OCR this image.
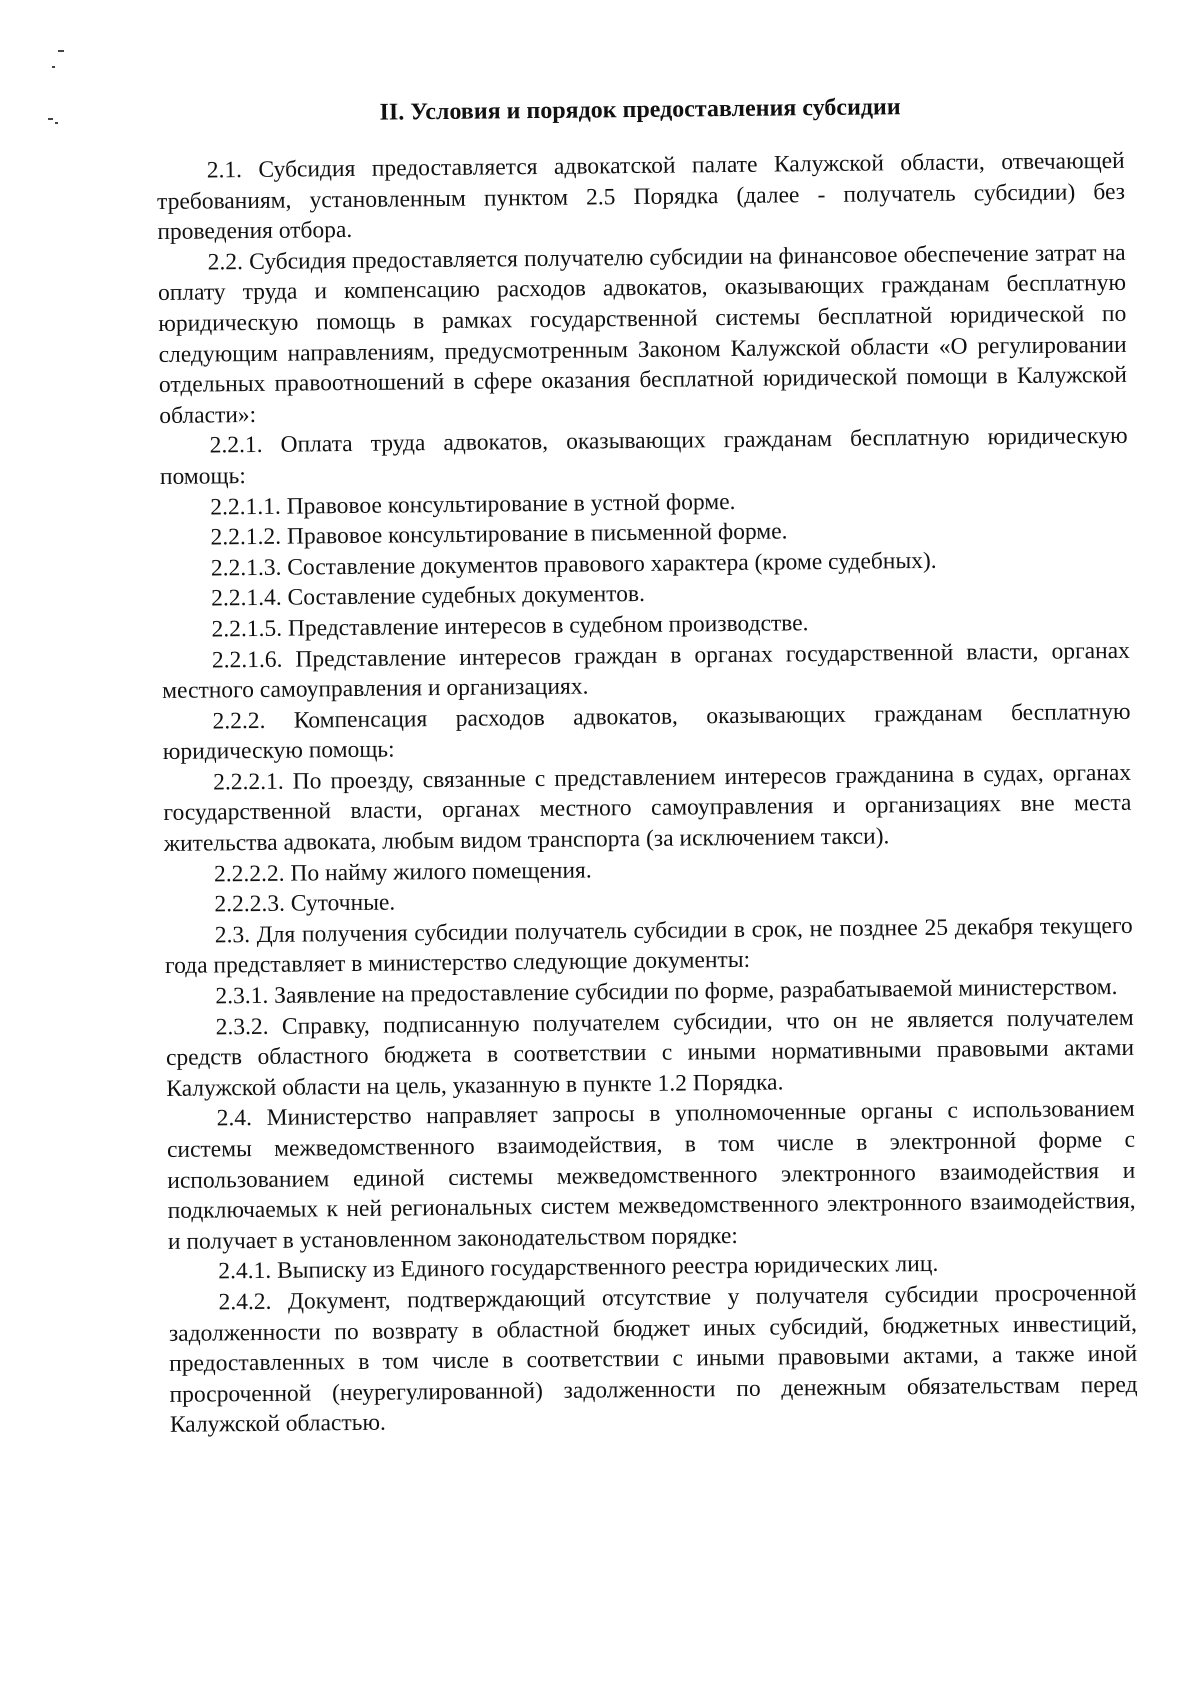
II. Условия и порядок предоставления субсидии

2.1. Субсидия предоставляется адвокатской палате Калужской области, отвечающей требованиям, установленным пунктом 2.5 Порядка (далее - получатель субсидии) без проведения отбора.

2.2. Субсидия предоставляется получателю субсидии на финансовое обеспечение затрат на оплату труда и компенсацию расходов адвокатов, оказывающих гражданам бесплатную юридическую помощь в рамках государственной системы бесплатной юридической по следующим направлениям, предусмотренным Законом Калужской области «О регулировании отдельных правоотношений в сфере оказания бесплатной юридической помощи в Калужской области»:

2.2.1. Оплата труда адвокатов, оказывающих гражданам бесплатную юридическую помощь:

2.2.1.1. Правовое консультирование в устной форме.

2.2.1.2. Правовое консультирование в письменной форме.

2.2.1.3. Составление документов правового характера (кроме судебных).

2.2.1.4. Составление судебных документов.

2.2.1.5. Представление интересов в судебном производстве.

2.2.1.6. Представление интересов граждан в органах государственной власти, органах местного самоуправления и организациях.

2.2.2. Компенсация расходов адвокатов, оказывающих гражданам бесплатную юридическую помощь:

2.2.2.1. По проезду, связанные с представлением интересов гражданина в судах, органах государственной власти, органах местного самоуправления и организациях вне места жительства адвоката, любым видом транспорта (за исключением такси).

2.2.2.2. По найму жилого помещения.

2.2.2.3. Суточные.

2.3. Для получения субсидии получатель субсидии в срок, не позднее 25 декабря текущего года представляет в министерство следующие документы:

2.3.1. Заявление на предоставление субсидии по форме, разрабатываемой министерством.

2.3.2. Справку, подписанную получателем субсидии, что он не является получателем средств областного бюджета в соответствии с иными нормативными правовыми актами Калужской области на цель, указанную в пункте 1.2 Порядка.

2.4. Министерство направляет запросы в уполномоченные органы с использованием системы межведомственного взаимодействия, в том числе в электронной форме с использованием единой системы межведомственного электронного взаимодействия и подключаемых к ней региональных систем межведомственного электронного взаимодействия, и получает в установленном законодательством порядке:

2.4.1. Выписку из Единого государственного реестра юридических лиц.

2.4.2. Документ, подтверждающий отсутствие у получателя субсидии просроченной задолженности по возврату в областной бюджет иных субсидий, бюджетных инвестиций, предоставленных в том числе в соответствии с иными правовыми актами, а также иной просроченной (неурегулированной) задолженности по денежным обязательствам перед Калужской областью.
